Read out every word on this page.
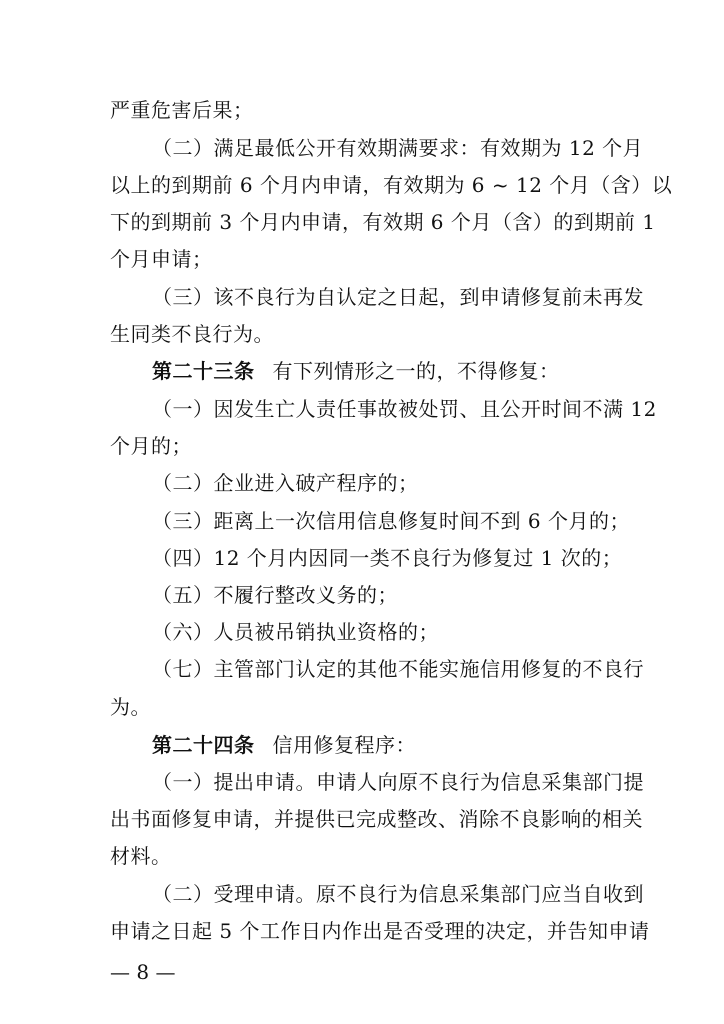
严重危害后果；
（二）满足最低公开有效期满要求：有效期为 12 个月
以上的到期前 6 个月内申请，有效期为 6 ~ 12 个月（含）以
下的到期前 3 个月内申请，有效期 6 个月（含）的到期前 1
个月申请；
（三）该不良行为自认定之日起，到申请修复前未再发
生同类不良行为。
第二十三条 有下列情形之一的，不得修复：
（一）因发生亡人责任事故被处罚、且公开时间不满 12
个月的；
（二）企业进入破产程序的；
（三）距离上一次信用信息修复时间不到 6 个月的；
（四）12 个月内因同一类不良行为修复过 1 次的；
（五）不履行整改义务的；
（六）人员被吊销执业资格的；
（七）主管部门认定的其他不能实施信用修复的不良行
为。
第二十四条 信用修复程序：
（一）提出申请。申请人向原不良行为信息采集部门提
出书面修复申请，并提供已完成整改、消除不良影响的相关
材料。
（二）受理申请。原不良行为信息采集部门应当自收到
申请之日起 5 个工作日内作出是否受理的决定，并告知申请
— 8 —
